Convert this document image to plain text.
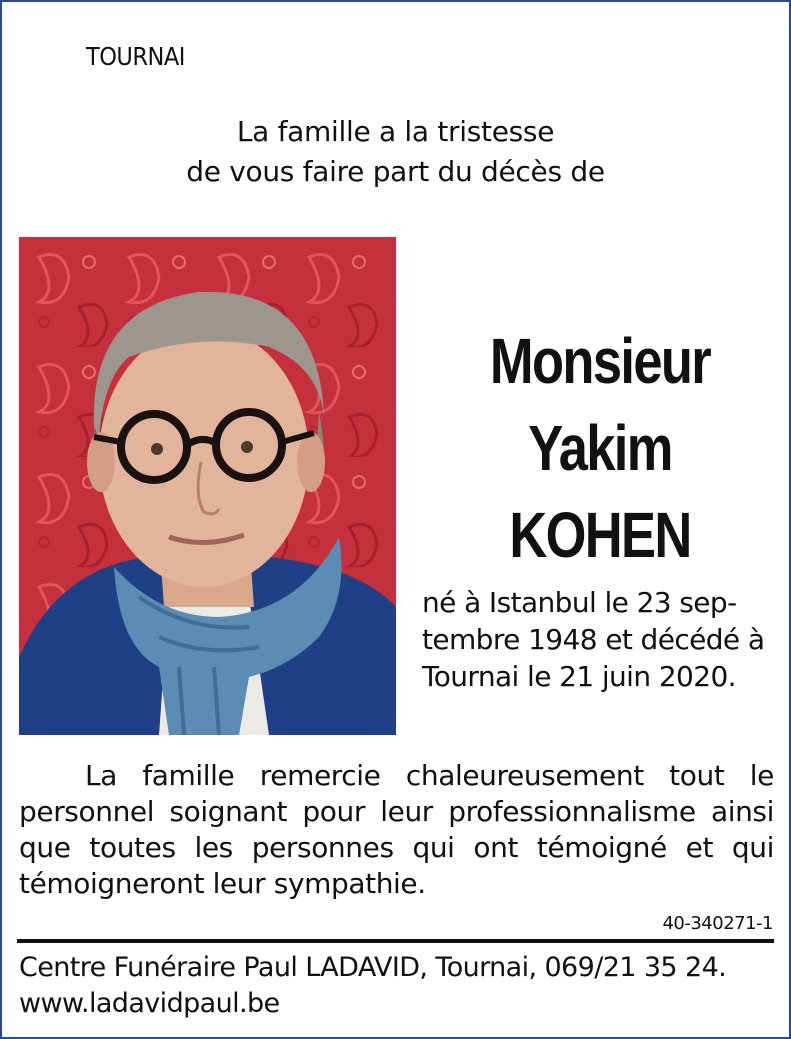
TOURNAI
La famille a la tristesse
de vous faire part du décès de
Monsieur
Yakim
KOHEN
né à Istanbul le 23 sep-
tembre 1948 et décédé à
Tournai le 21 juin 2020.
La famille remercie chaleureusement tout le personnel soignant pour leur professionnalisme ainsi que toutes les personnes qui ont témoigné et qui témoigneront leur sympathie.
40-340271-1
Centre Funéraire Paul LADAVID, Tournai, 069/21 35 24.
www.ladavidpaul.be
